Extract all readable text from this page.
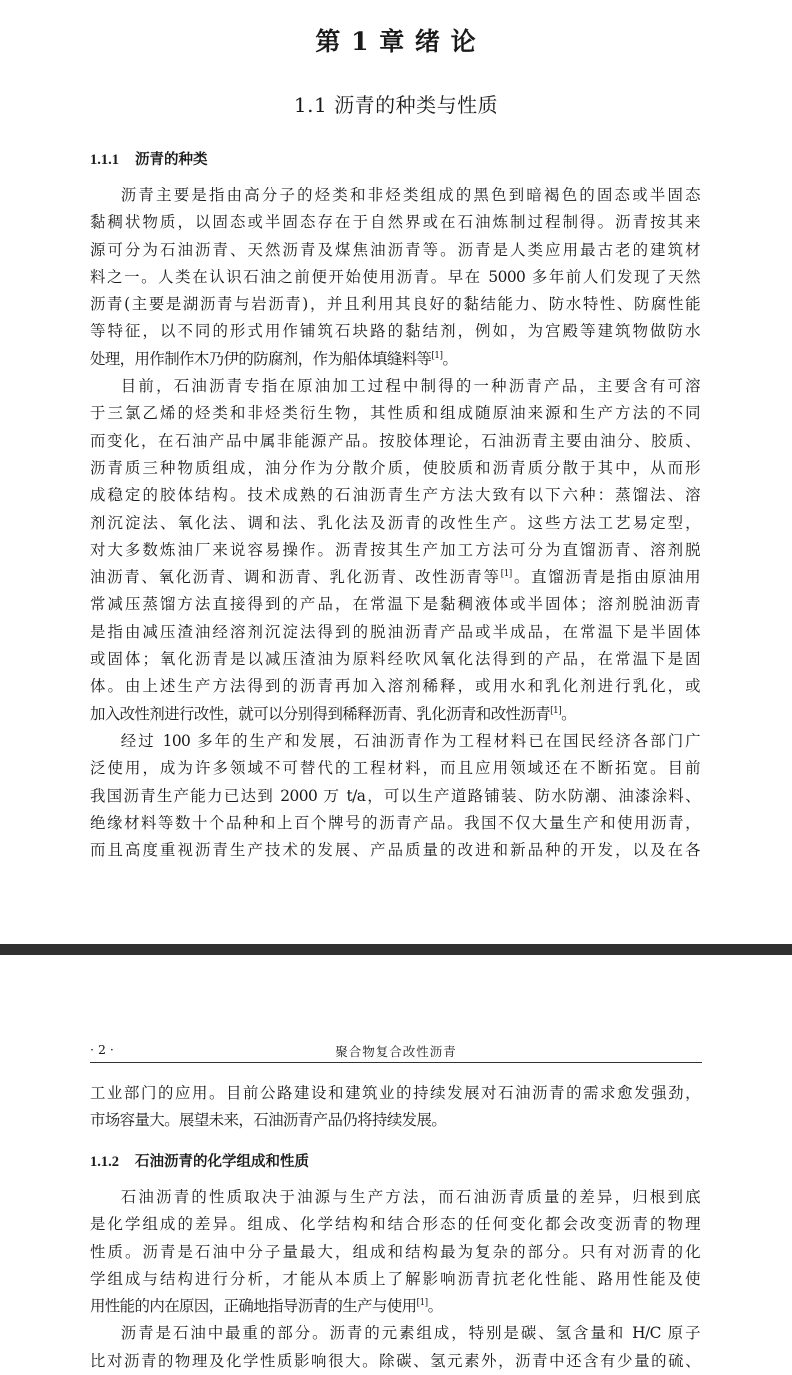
第 1 章 绪 论
1.1 沥青的种类与性质
1.1.1 沥青的种类
沥青主要是指由高分子的烃类和非烃类组成的黑色到暗褐色的固态或半固态
黏稠状物质，以固态或半固态存在于自然界或在石油炼制过程制得。沥青按其来
源可分为石油沥青、天然沥青及煤焦油沥青等。沥青是人类应用最古老的建筑材
料之一。人类在认识石油之前便开始使用沥青。早在 5000 多年前人们发现了天然
沥青(主要是湖沥青与岩沥青)，并且利用其良好的黏结能力、防水特性、防腐性能
等特征，以不同的形式用作铺筑石块路的黏结剂，例如，为宫殿等建筑物做防水
处理，用作制作木乃伊的防腐剂，作为船体填缝料等[1]。
目前，石油沥青专指在原油加工过程中制得的一种沥青产品，主要含有可溶
于三氯乙烯的烃类和非烃类衍生物，其性质和组成随原油来源和生产方法的不同
而变化，在石油产品中属非能源产品。按胶体理论，石油沥青主要由油分、胶质、
沥青质三种物质组成，油分作为分散介质，使胶质和沥青质分散于其中，从而形
成稳定的胶体结构。技术成熟的石油沥青生产方法大致有以下六种：蒸馏法、溶
剂沉淀法、氧化法、调和法、乳化法及沥青的改性生产。这些方法工艺易定型，
对大多数炼油厂来说容易操作。沥青按其生产加工方法可分为直馏沥青、溶剂脱
油沥青、氧化沥青、调和沥青、乳化沥青、改性沥青等[1]。直馏沥青是指由原油用
常减压蒸馏方法直接得到的产品，在常温下是黏稠液体或半固体；溶剂脱油沥青
是指由减压渣油经溶剂沉淀法得到的脱油沥青产品或半成品，在常温下是半固体
或固体；氧化沥青是以减压渣油为原料经吹风氧化法得到的产品，在常温下是固
体。由上述生产方法得到的沥青再加入溶剂稀释，或用水和乳化剂进行乳化，或
加入改性剂进行改性，就可以分别得到稀释沥青、乳化沥青和改性沥青[1]。
经过 100 多年的生产和发展，石油沥青作为工程材料已在国民经济各部门广
泛使用，成为许多领域不可替代的工程材料，而且应用领域还在不断拓宽。目前
我国沥青生产能力已达到 2000 万 t/a，可以生产道路铺装、防水防潮、油漆涂料、
绝缘材料等数十个品种和上百个牌号的沥青产品。我国不仅大量生产和使用沥青，
而且高度重视沥青生产技术的发展、产品质量的改进和新品种的开发，以及在各
· 2 ·	聚合物复合改性沥青
工业部门的应用。目前公路建设和建筑业的持续发展对石油沥青的需求愈发强劲，
市场容量大。展望未来，石油沥青产品仍将持续发展。
1.1.2 石油沥青的化学组成和性质
石油沥青的性质取决于油源与生产方法，而石油沥青质量的差异，归根到底
是化学组成的差异。组成、化学结构和结合形态的任何变化都会改变沥青的物理
性质。沥青是石油中分子量最大，组成和结构最为复杂的部分。只有对沥青的化
学组成与结构进行分析，才能从本质上了解影响沥青抗老化性能、路用性能及使
用性能的内在原因，正确地指导沥青的生产与使用[1]。
沥青是石油中最重的部分。沥青的元素组成，特别是碳、氢含量和 H/C 原子
比对沥青的物理及化学性质影响很大。除碳、氢元素外，沥青中还含有少量的硫、
